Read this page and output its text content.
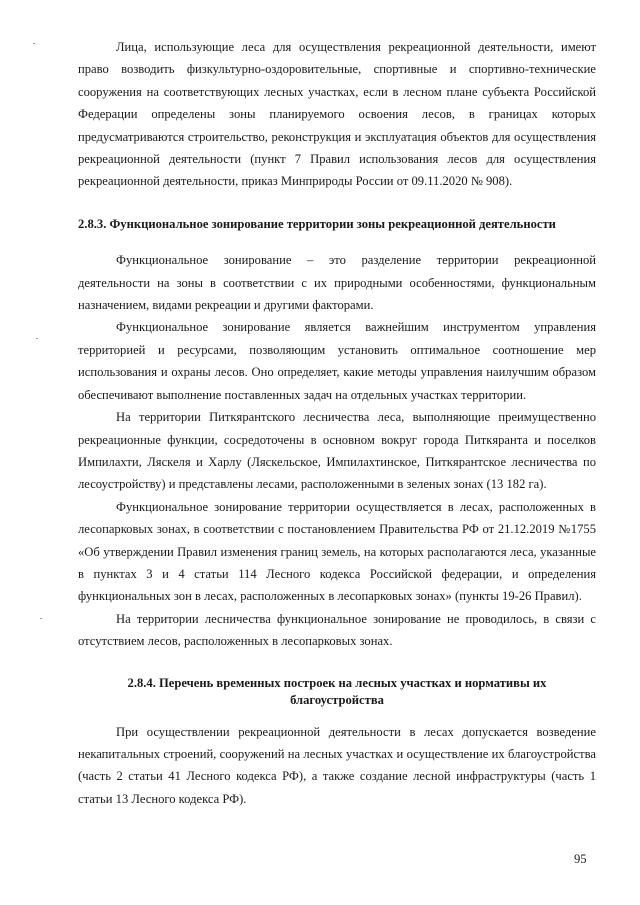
Лица, использующие леса для осуществления рекреационной деятельности, имеют право возводить физкультурно-оздоровительные, спортивные и спортивно-технические сооружения на соответствующих лесных участках, если в лесном плане субъекта Российской Федерации определены зоны планируемого освоения лесов, в границах которых предусматриваются строительство, реконструкция и эксплуатация объектов для осуществления рекреационной деятельности (пункт 7 Правил использования лесов для осуществления рекреационной деятельности, приказ Минприроды России от 09.11.2020 № 908).

2.8.3. Функциональное зонирование территории зоны рекреационной деятельности

Функциональное зонирование – это разделение территории рекреационной деятельности на зоны в соответствии с их природными особенностями, функциональным назначением, видами рекреации и другими факторами.

Функциональное зонирование является важнейшим инструментом управления территорией и ресурсами, позволяющим установить оптимальное соотношение мер использования и охраны лесов. Оно определяет, какие методы управления наилучшим образом обеспечивают выполнение поставленных задач на отдельных участках территории.

На территории Питкярантского лесничества леса, выполняющие преимущественно рекреационные функции, сосредоточены в основном вокруг города Питкяранта и поселков Импилахти, Ляскеля и Харлу (Ляскельское, Импилахтинское, Питкярантское лесничества по лесоустройству) и представлены лесами, расположенными в зеленых зонах (13 182 га).

Функциональное зонирование территории осуществляется в лесах, расположенных в лесопарковых зонах, в соответствии с постановлением Правительства РФ от 21.12.2019 №1755 «Об утверждении Правил изменения границ земель, на которых располагаются леса, указанные в пунктах 3 и 4 статьи 114 Лесного кодекса Российской федерации, и определения функциональных зон в лесах, расположенных в лесопарковых зонах» (пункты 19-26 Правил).

На территории лесничества функциональное зонирование не проводилось, в связи с отсутствием лесов, расположенных в лесопарковых зонах.

2.8.4. Перечень временных построек на лесных участках и нормативы их
благоустройства

При осуществлении рекреационной деятельности в лесах допускается возведение некапитальных строений, сооружений на лесных участках и осуществление их благоустройства (часть 2 статьи 41 Лесного кодекса РФ), а также создание лесной инфраструктуры (часть 1 статьи 13 Лесного кодекса РФ).

95
